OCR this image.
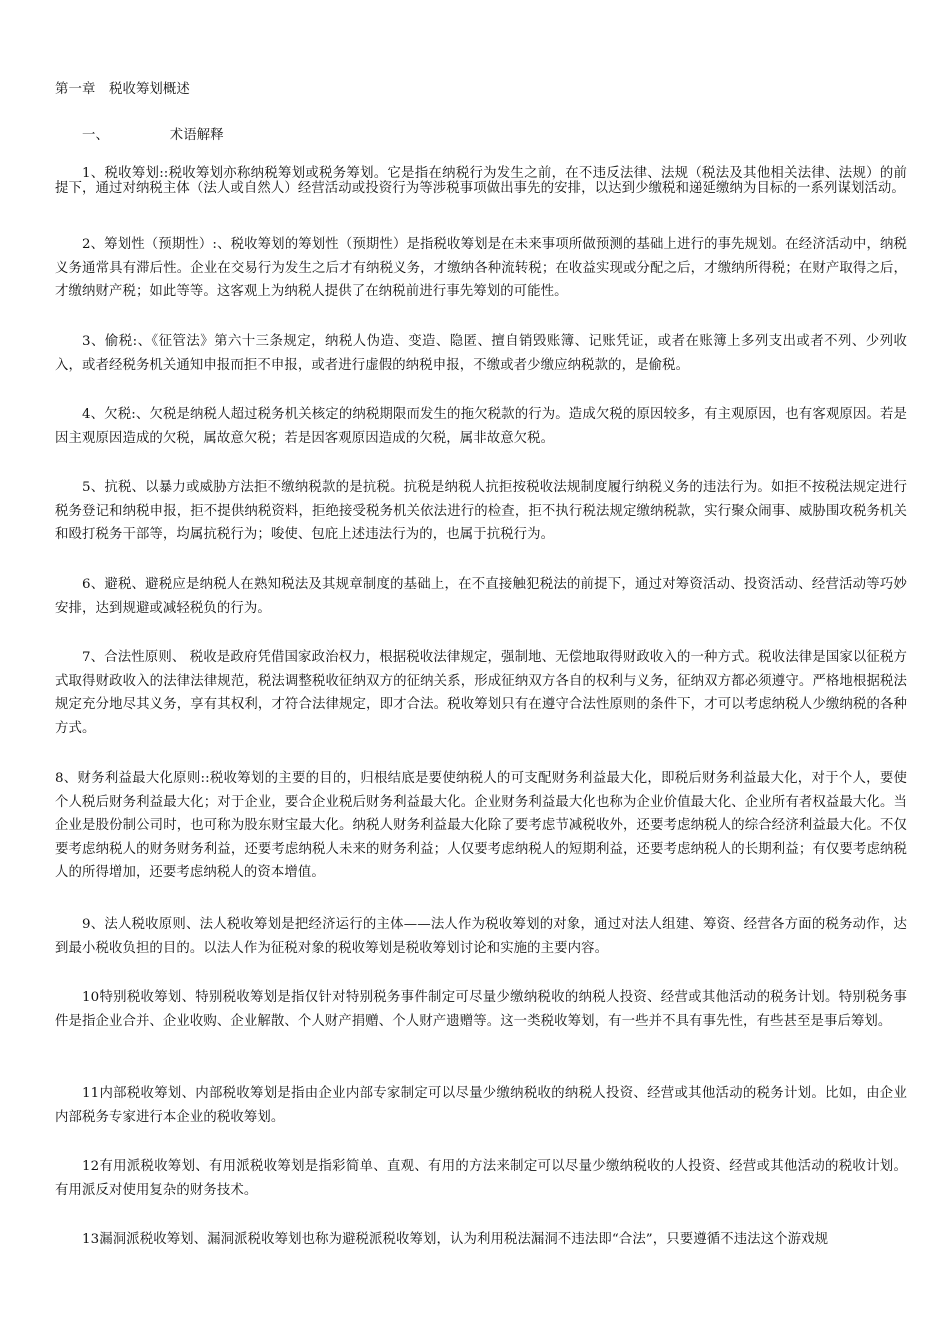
第一章　税收筹划概述
一、　　　　　术语解释

1、税收筹划::税收筹划亦称纳税筹划或税务筹划。它是指在纳税行为发生之前，在不违反法律、法规（税法及其他相关法律、法规）的前提下，通过对纳税主体（法人或自然人）经营活动或投资行为等涉税事项做出事先的安排，以达到少缴税和递延缴纳为目标的一系列谋划活动。

2、筹划性（预期性）:、税收筹划的筹划性（预期性）是指税收筹划是在未来事项所做预测的基础上进行的事先规划。在经济活动中，纳税义务通常具有滞后性。企业在交易行为发生之后才有纳税义务，才缴纳各种流转税；在收益实现或分配之后，才缴纳所得税；在财产取得之后，才缴纳财产税；如此等等。这客观上为纳税人提供了在纳税前进行事先筹划的可能性。

3、偷税:、《征管法》第六十三条规定，纳税人伪造、变造、隐匿、擅自销毁账簿、记账凭证，或者在账簿上多列支出或者不列、少列收入，或者经税务机关通知申报而拒不申报，或者进行虚假的纳税申报，不缴或者少缴应纳税款的，是偷税。

4、欠税:、欠税是纳税人超过税务机关核定的纳税期限而发生的拖欠税款的行为。造成欠税的原因较多，有主观原因，也有客观原因。若是因主观原因造成的欠税，属故意欠税；若是因客观原因造成的欠税，属非故意欠税。

5、抗税、以暴力或威胁方法拒不缴纳税款的是抗税。抗税是纳税人抗拒按税收法规制度履行纳税义务的违法行为。如拒不按税法规定进行税务登记和纳税申报，拒不提供纳税资料，拒绝接受税务机关依法进行的检查，拒不执行税法规定缴纳税款，实行聚众闹事、威胁围攻税务机关和殴打税务干部等，均属抗税行为；唆使、包庇上述违法行为的，也属于抗税行为。

6、避税、避税应是纳税人在熟知税法及其规章制度的基础上，在不直接触犯税法的前提下，通过对筹资活动、投资活动、经营活动等巧妙安排，达到规避或减轻税负的行为。

7、合法性原则、 税收是政府凭借国家政治权力，根据税收法律规定，强制地、无偿地取得财政收入的一种方式。税收法律是国家以征税方式取得财政收入的法律法律规范，税法调整税收征纳双方的征纳关系，形成征纳双方各自的权利与义务，征纳双方都必须遵守。严格地根据税法规定充分地尽其义务，享有其权利，才符合法律规定，即才合法。税收筹划只有在遵守合法性原则的条件下，才可以考虑纳税人少缴纳税的各种方式。

8、财务利益最大化原则::税收筹划的主要的目的，归根结底是要使纳税人的可支配财务利益最大化，即税后财务利益最大化，对于个人，要使个人税后财务利益最大化；对于企业，要合企业税后财务利益最大化。企业财务利益最大化也称为企业价值最大化、企业所有者权益最大化。当企业是股份制公司时，也可称为股东财宝最大化。纳税人财务利益最大化除了要考虑节减税收外，还要考虑纳税人的综合经济利益最大化。不仅要考虑纳税人的财务财务利益，还要考虑纳税人未来的财务利益；人仅要考虑纳税人的短期利益，还要考虑纳税人的长期利益；有仅要考虑纳税人的所得增加，还要考虑纳税人的资本增值。

9、法人税收原则、法人税收筹划是把经济运行的主体——法人作为税收筹划的对象，通过对法人组建、筹资、经营各方面的税务动作，达到最小税收负担的目的。以法人作为征税对象的税收筹划是税收筹划讨论和实施的主要内容。

10特别税收筹划、特别税收筹划是指仅针对特别税务事件制定可尽量少缴纳税收的纳税人投资、经营或其他活动的税务计划。特别税务事件是指企业合并、企业收购、企业解散、个人财产捐赠、个人财产遗赠等。这一类税收筹划，有一些并不具有事先性，有些甚至是事后筹划。

11内部税收筹划、内部税收筹划是指由企业内部专家制定可以尽量少缴纳税收的纳税人投资、经营或其他活动的税务计划。比如，由企业内部税务专家进行本企业的税收筹划。

12有用派税收筹划、有用派税收筹划是指彩简单、直观、有用的方法来制定可以尽量少缴纳税收的人投资、经营或其他活动的税收计划。有用派反对使用复杂的财务技术。

13漏洞派税收筹划、漏洞派税收筹划也称为避税派税收筹划，认为利用税法漏洞不违法即“合法”，只要遵循不违法这个游戏规
